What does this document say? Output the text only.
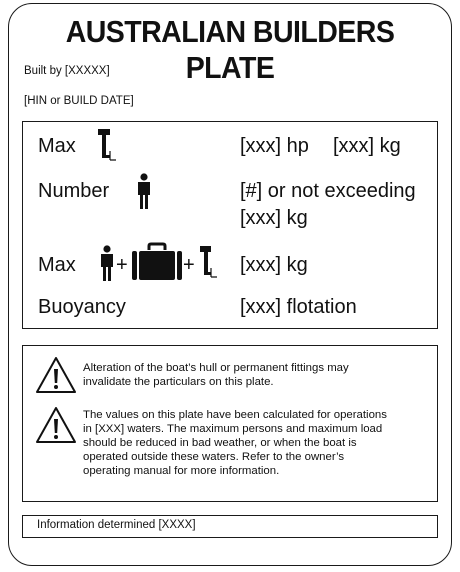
AUSTRALIAN BUILDERS PLATE
Built by [XXXXX]
[HIN or BUILD DATE]
Max	[xxx] hp [xxx] kg
Number	[#] or not exceeding
[xxx] kg
Max +	+ [xxx] kg
Buoyancy	[xxx] flotation
Alteration of the boat’s hull or permanent fittings may
invalidate the particulars on this plate.
The values on this plate have been calculated for operations
in [XXX] waters. The maximum persons and maximum load
should be reduced in bad weather, or when the boat is
operated outside these waters. Refer to the owner’s
operating manual for more information.
Information determined [XXXX]
